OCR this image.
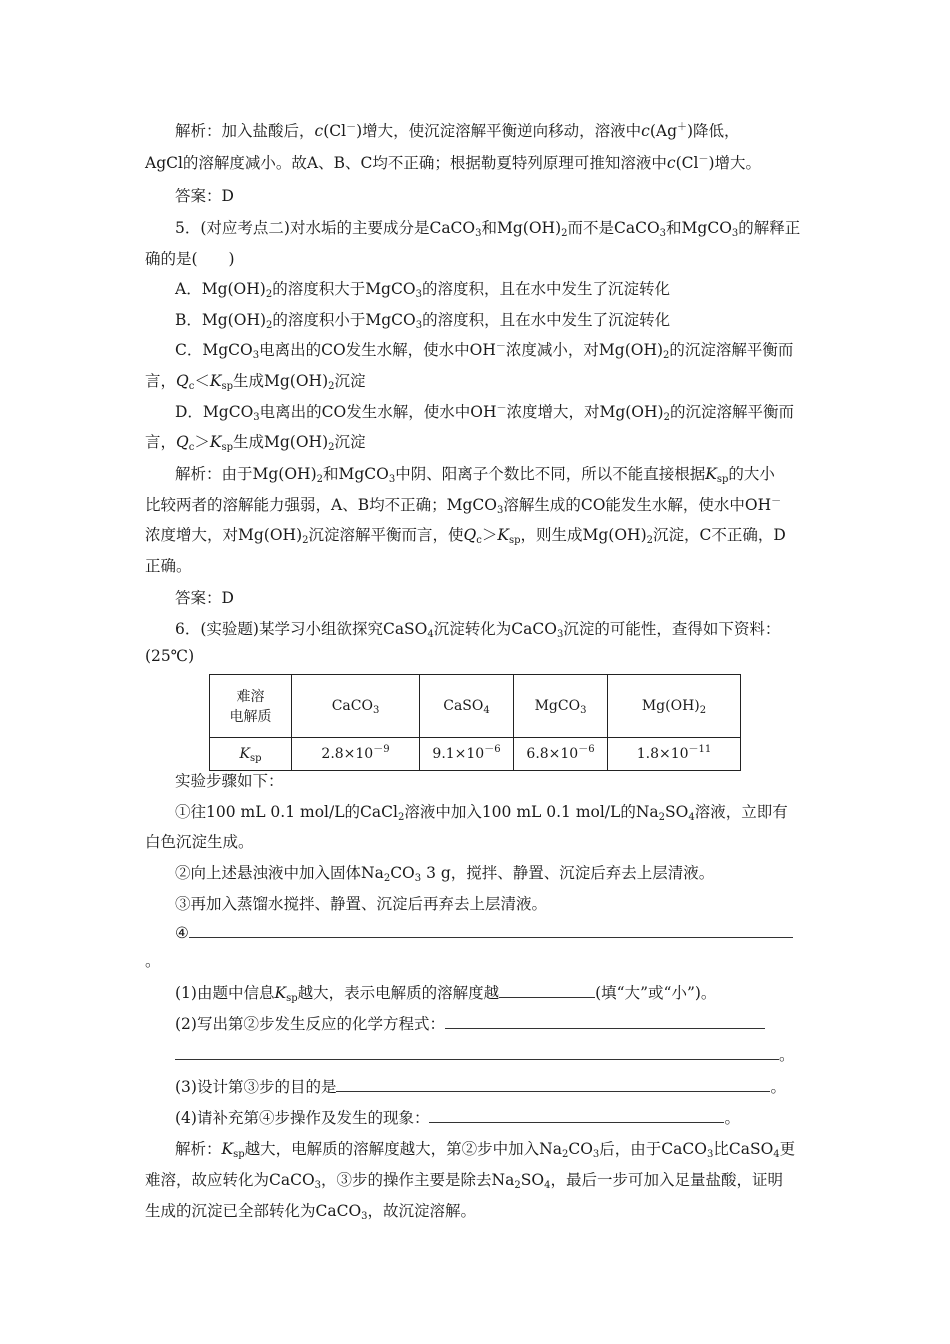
解析：加入盐酸后，c(Cl－)增大，使沉淀溶解平衡逆向移动，溶液中c(Ag＋)降低，
AgCl的溶解度减小。故A、B、C均不正确；根据勒夏特列原理可推知溶液中c(Cl－)增大。
答案：D
5．(对应考点二)对水垢的主要成分是CaCO$_3$和$Mg(OH)_2$而不是CaCO$_3$和MgCO$_3$的解释正
确的是(　　)
A．$Mg(OH)_2$的溶度积大于MgCO$_3$的溶度积，且在水中发生了沉淀转化
B．$Mg(OH)_2$的溶度积小于MgCO$_3$的溶度积，且在水中发生了沉淀转化
C．MgCO$_3$电离出的CO发生水解，使水中OH－浓度减小，对$Mg(OH)_2$的沉淀溶解平衡而
言，$Q_c<K_{sp}$生成$Mg(OH)_2$沉淀
D．MgCO$_3$电离出的CO发生水解，使水中OH－浓度增大，对$Mg(OH)_2$的沉淀溶解平衡而
言，$Q_c>K_{sp}$生成$Mg(OH)_2$沉淀
解析：由于$Mg(OH)_2$和MgCO$_3$中阴、阳离子个数比不同，所以不能直接根据$K_{sp}$的大小
比较两者的溶解能力强弱，A、B均不正确；MgCO$_3$溶解生成的CO能发生水解，使水中OH－
浓度增大，对$Mg(OH)_2$沉淀溶解平衡而言，使$Q_c>K_{sp}$，则生成$Mg(OH)_2$沉淀，C不正确，D
正确。
答案：D
6．(实验题)某学习小组欲探究CaSO$_4$沉淀转化为CaCO$_3$沉淀的可能性，查得如下资料：
(25℃)
难溶
电解质	CaCO$_3$	CaSO$_4$	MgCO$_3$	$Mg(OH)_2$
$K_{sp}$	$2.8\times 10^{-9}$	$9.1\times 10^{-6}$	$6.8\times 10^{-6}$	$1.8\times 10^{-11}$
实验步骤如下：
①往100 mL 0.1 mol/L的CaCl$_2$溶液中加入100 mL 0.1 mol/L的$Na_2SO_4$溶液，立即有
白色沉淀生成。
②向上述悬浊液中加入固体$Na_2CO_3$ 3 g，搅拌、静置、沉淀后弃去上层清液。
③再加入蒸馏水搅拌、静置、沉淀后再弃去上层清液。
④
。
(1)由题中信息$K_{sp}$越大，表示电解质的溶解度越	(填“大”或“小”)。
(2)写出第②步发生反应的化学方程式：
。
(3)设计第③步的目的是	。
(4)请补充第④步操作及发生的现象：	。
解析：$K_{sp}$越大，电解质的溶解度越大，第②步中加入$Na_2CO_3$后，由于CaCO$_3$比CaSO$_4$更
难溶，故应转化为CaCO$_3$，③步的操作主要是除去$Na_2SO_4$，最后一步可加入足量盐酸，证明
生成的沉淀已全部转化为CaCO$_3$，故沉淀溶解。
